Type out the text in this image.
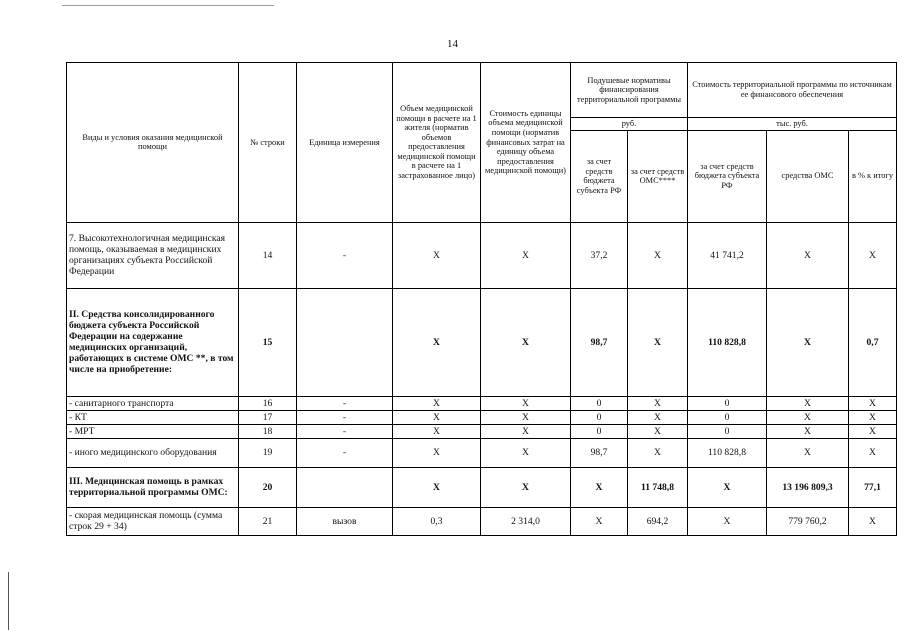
14
Виды и условия оказания медицинской помощи	№ строки	Единица измерения	Объем медицинской помощи в расчете на 1 жителя (норматив объемов предоставления медицинской помощи в расчете на 1 застрахованное лицо)	Стоимость единицы объема медицинской помощи (норматив финансовых затрат на единицу объема предоставления медицинской помощи)	Подушевые нормативы финансирования территориальной программы		Стоимость территориальной программы по источникам ее финансового обеспечения		
					руб.		тыс. руб.		
					за счет средств бюджета субъекта РФ	за счет средств ОМС****	за счет средств бюджета субъекта РФ	средства ОМС	в % к итогу
7. Высокотехнологичная медицинская помощь, оказываемая в медицинских организациях субъекта Российской Федерации	14	-	X	X	37,2	X	41 741,2	X	X
II. Средства консолидированного бюджета субъекта Российской Федерации на содержание медицинских организаций, работающих в системе ОМС **, в том числе на приобретение:	15		X	X	98,7	X	110 828,8	X	0,7
- санитарного транспорта	16	-	X	X	0	X	0	X	X
- КТ	17	-	X	X	0	X	0	X	X
- МРТ	18	-	X	X	0	X	0	X	X
- иного медицинского оборудования	19	-	X	X	98,7	X	110 828,8	X	X
III. Медицинская помощь в рамках территориальной программы ОМС:	20		X	X	X	11 748,8	X	13 196 809,3	77,1
- скорая медицинская помощь (сумма строк 29 + 34)	21	вызов	0,3	2 314,0	X	694,2	X	779 760,2	X
